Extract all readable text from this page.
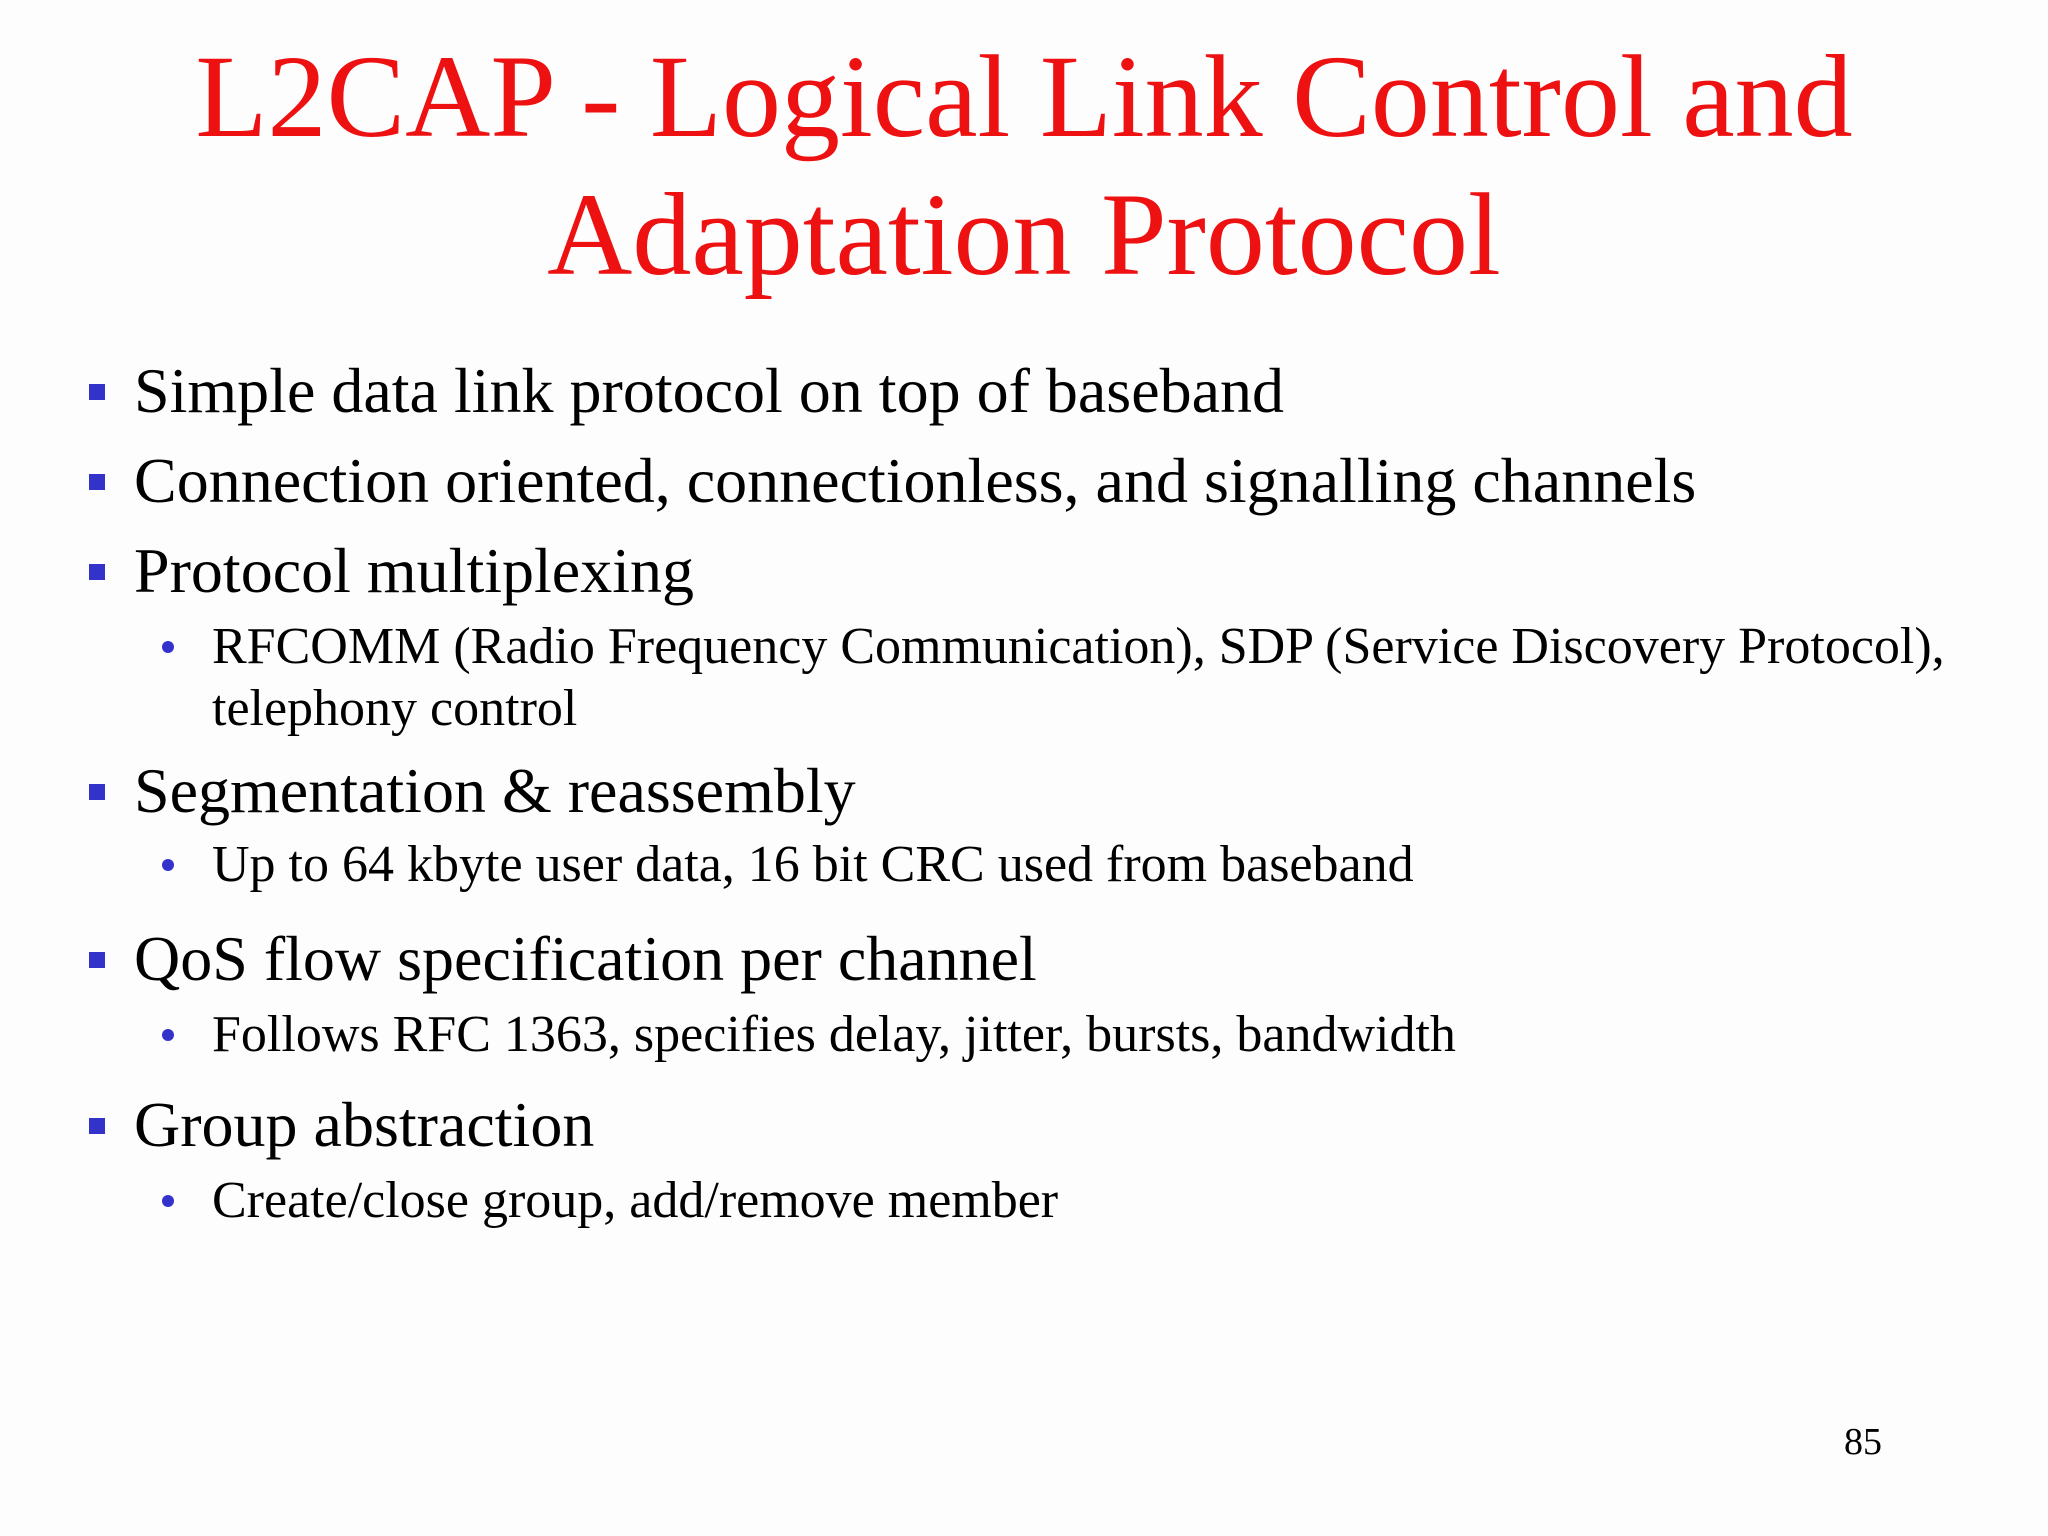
L2CAP - Logical Link Control and
Adaptation Protocol
Simple data link protocol on top of baseband
Connection oriented, connectionless, and signalling channels
Protocol multiplexing
RFCOMM (Radio Frequency Communication), SDP (Service Discovery Protocol), telephony control
Segmentation & reassembly
Up to 64 kbyte user data, 16 bit CRC used from baseband
QoS flow specification per channel
Follows RFC 1363, specifies delay, jitter, bursts, bandwidth
Group abstraction
Create/close group, add/remove member
85
